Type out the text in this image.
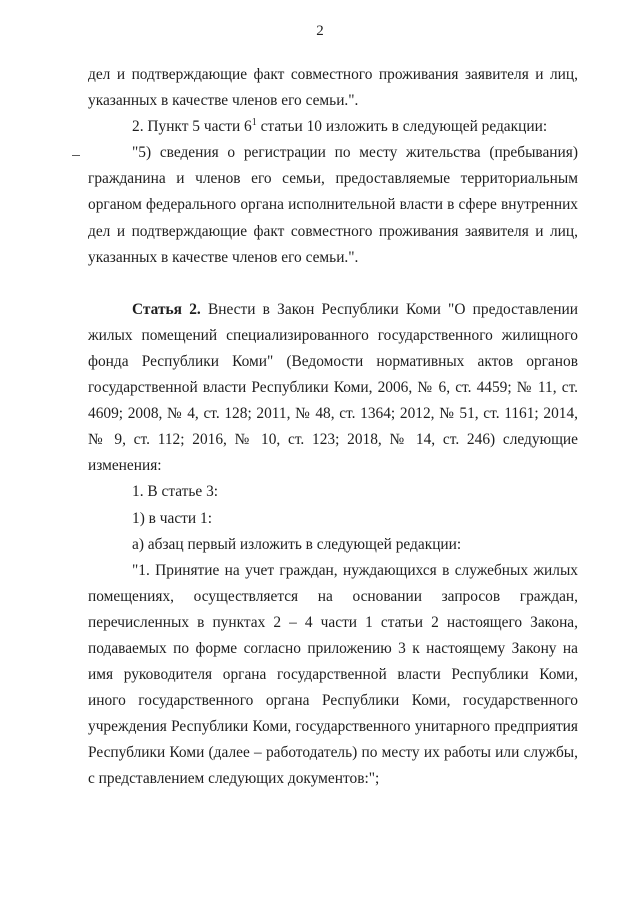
2

дел и подтверждающие факт совместного проживания заявителя и лиц, указанных в качестве членов его семьи.".

2. Пункт 5 части $6^1$ статьи 10 изложить в следующей редакции:

"5) сведения о регистрации по месту жительства (пребывания) гражданина и членов его семьи, предоставляемые территориальным органом федерального органа исполнительной власти в сфере внутренних дел и подтверждающие факт совместного проживания заявителя и лиц, указанных в качестве членов его семьи.".

Статья 2. Внести в Закон Республики Коми "О предоставлении жилых помещений специализированного государственного жилищного фонда Республики Коми" (Ведомости нормативных актов органов государственной власти Республики Коми, 2006, № 6, ст. 4459; № 11, ст. 4609; 2008, № 4, ст. 128; 2011, № 48, ст. 1364; 2012, № 51, ст. 1161; 2014, № 9, ст. 112; 2016, № 10, ст. 123; 2018, № 14, ст. 246) следующие изменения:

1. В статье 3:

1) в части 1:

а) абзац первый изложить в следующей редакции:

"1. Принятие на учет граждан, нуждающихся в служебных жилых помещениях, осуществляется на основании запросов граждан, перечисленных в пунктах 2 – 4 части 1 статьи 2 настоящего Закона, подаваемых по форме согласно приложению 3 к настоящему Закону на имя руководителя органа государственной власти Республики Коми, иного государственного органа Республики Коми, государственного учреждения Республики Коми, государственного унитарного предприятия Республики Коми (далее – работодатель) по месту их работы или службы, с представлением следующих документов:";
